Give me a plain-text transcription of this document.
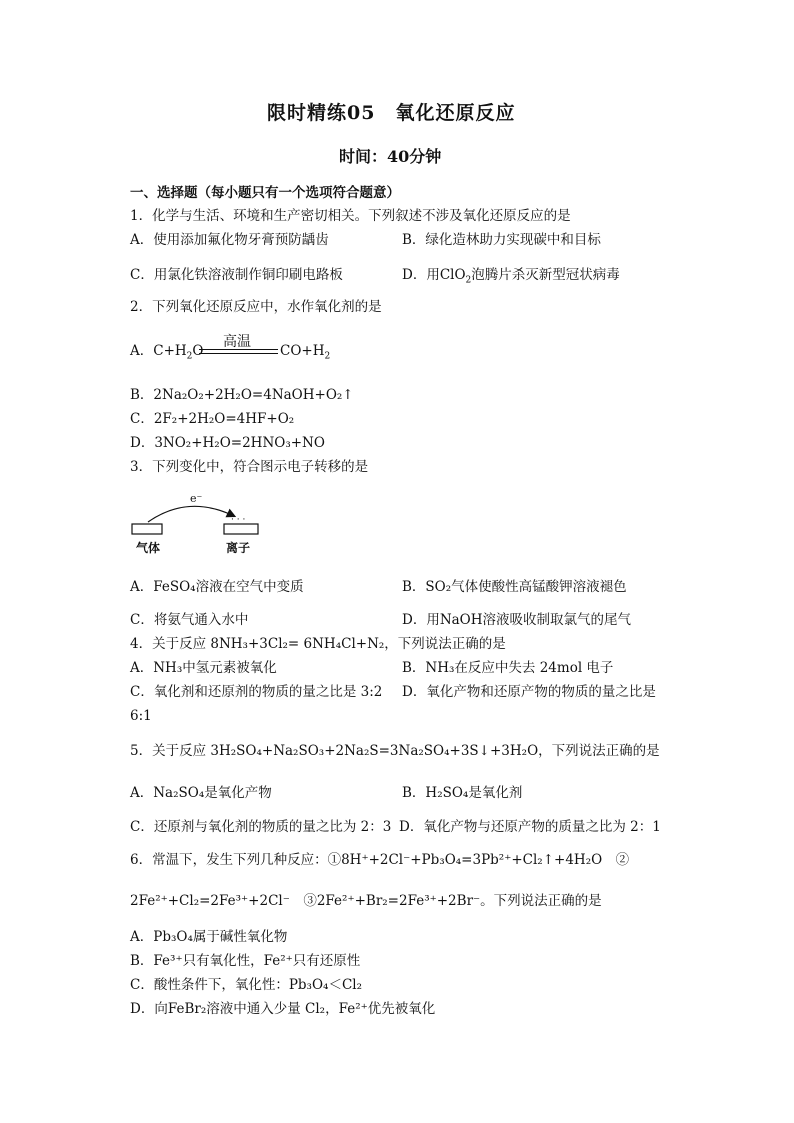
限时精练05　氧化还原反应
时间：40分钟
一、选择题（每小题只有一个选项符合题意）
1．化学与生活、环境和生产密切相关。下列叙述不涉及氧化还原反应的是
A．使用添加氟化物牙膏预防龋齿	B．绿化造林助力实现碳中和目标
C．用氯化铁溶液制作铜印刷电路板	D．用ClO$_2$泡腾片杀灭新型冠状病毒
2．下列氧化还原反应中，水作氧化剂的是
A．$C+H_2O$
高温
$CO+H_2$
B．2Na₂O₂+2H₂O=4NaOH+O₂↑
C．2F₂+2H₂O=4HF+O₂
D．3NO₂+H₂O=2HNO₃+NO
3．下列变化中，符合图示电子转移的是
e⁻
· · ·
气体	离子
A．FeSO₄溶液在空气中变质	B．SO₂气体使酸性高锰酸钾溶液褪色
C．将氨气通入水中	D．用NaOH溶液吸收制取氯气的尾气
4．关于反应 8NH₃+3Cl₂= 6NH₄Cl+N₂，下列说法正确的是
A．NH₃中氢元素被氧化	B．NH₃在反应中失去 24mol 电子
C．氧化剂和还原剂的物质的量之比是 3:2 D．氧化产物和还原产物的物质的量之比是
6:1
5．关于反应 3H₂SO₄+Na₂SO₃+2Na₂S=3Na₂SO₄+3S↓+3H₂O，下列说法正确的是
A．Na₂SO₄是氧化产物	B．H₂SO₄是氧化剂
C．还原剂与氧化剂的物质的量之比为 2：3 D．氧化产物与还原产物的质量之比为 2：1
6．常温下，发生下列几种反应：①8H⁺+2Cl⁻+Pb₃O₄=3Pb²⁺+Cl₂↑+4H₂O　②
2Fe²⁺+Cl₂=2Fe³⁺+2Cl⁻　③2Fe²⁺+Br₂=2Fe³⁺+2Br⁻。下列说法正确的是
A．Pb₃O₄属于碱性氧化物
B．Fe³⁺只有氧化性，Fe²⁺只有还原性
C．酸性条件下，氧化性：Pb₃O₄＜Cl₂
D．向FeBr₂溶液中通入少量 Cl₂，Fe²⁺优先被氧化
